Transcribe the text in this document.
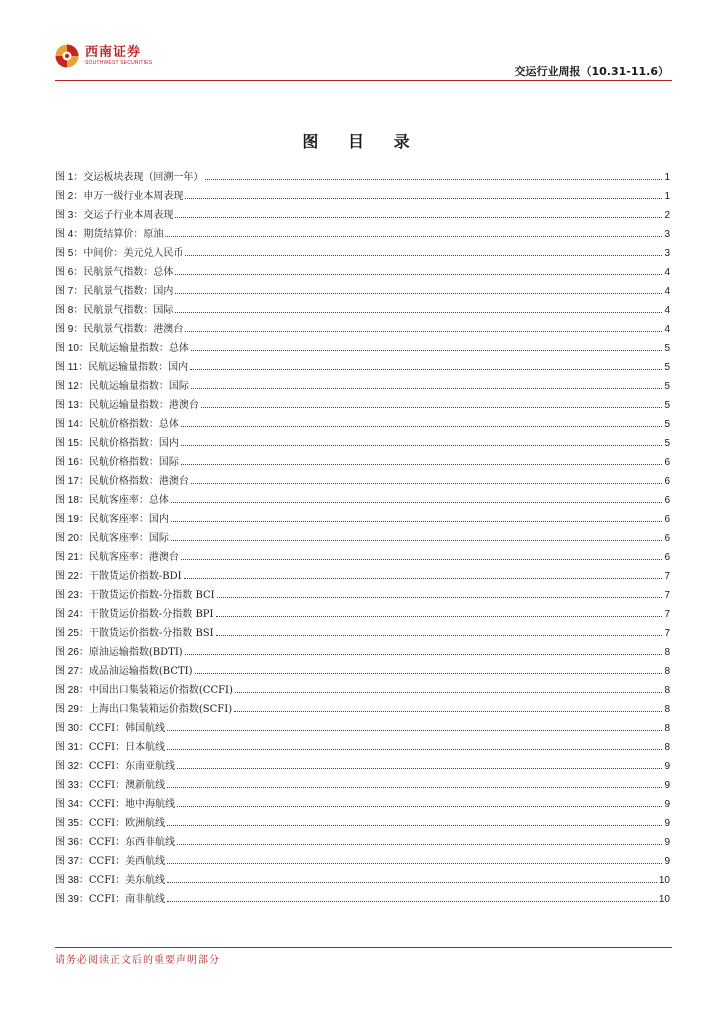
西南证券
SOUTHWEST SECURITIES
交运行业周报（10.31-11.6）
图 目 录
图 1：交运板块表现（回溯一年）	1
图 2：申万一级行业本周表现	1
图 3：交运子行业本周表现	2
图 4：期货结算价：原油	3
图 5：中间价：美元兑人民币	3
图 6：民航景气指数：总体	4
图 7：民航景气指数：国内	4
图 8：民航景气指数：国际	4
图 9：民航景气指数：港澳台	4
图 10：民航运输量指数：总体	5
图 11：民航运输量指数：国内	5
图 12：民航运输量指数：国际	5
图 13：民航运输量指数：港澳台	5
图 14：民航价格指数：总体	5
图 15：民航价格指数：国内	5
图 16：民航价格指数：国际	6
图 17：民航价格指数：港澳台	6
图 18：民航客座率：总体	6
图 19：民航客座率：国内	6
图 20：民航客座率：国际	6
图 21：民航客座率：港澳台	6
图 22：干散货运价指数-BDI	7
图 23：干散货运价指数-分指数 BCI	7
图 24：干散货运价指数-分指数 BPI	7
图 25：干散货运价指数-分指数 BSI	7
图 26：原油运输指数(BDTI)	8
图 27：成品油运输指数(BCTI)	8
图 28：中国出口集装箱运价指数(CCFI)	8
图 29：上海出口集装箱运价指数(SCFI)	8
图 30：CCFI：韩国航线	8
图 31：CCFI：日本航线	8
图 32：CCFI：东南亚航线	9
图 33：CCFI：澳新航线	9
图 34：CCFI：地中海航线	9
图 35：CCFI：欧洲航线	9
图 36：CCFI：东西非航线	9
图 37：CCFI：美西航线	9
图 38：CCFI：美东航线	10
图 39：CCFI：南非航线	10
请务必阅读正文后的重要声明部分
